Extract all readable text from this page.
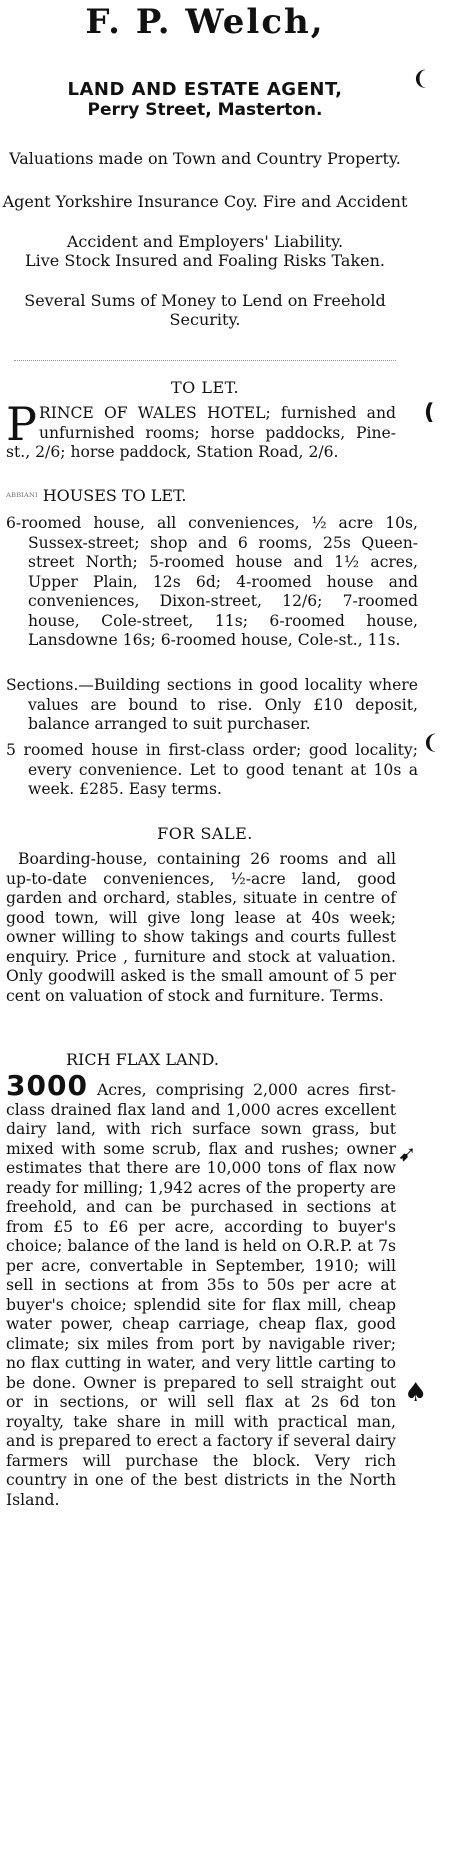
F. P. Welch,
LAND AND ESTATE AGENT,
Perry Street, Masterton.
Valuations made on Town and Country Property.
Agent Yorkshire Insurance Coy. Fire and Accident
Accident and Employers' Liability.
Live Stock Insured and Foaling Risks Taken.
Several Sums of Money to Lend on Freehold Security.
TO LET.
PRINCE OF WALES HOTEL; furnished and unfurnished rooms; horse paddocks, Pine-st., 2/6; horse paddock, Station Road, 2/6.
ᴬᴮᴮᴵᴬᴺᴵ HOUSES TO LET.
6-roomed house, all conveniences, ½ acre 10s, Sussex-street; shop and 6 rooms, 25s Queen-street North; 5-roomed house and 1½ acres, Upper Plain, 12s 6d; 4-roomed house and conveniences, Dixon-street, 12/6; 7-roomed house, Cole-street, 11s; 6-roomed house, Lansdowne 16s; 6-roomed house, Cole-st., 11s.
Sections.—Building sections in good locality where values are bound to rise. Only £10 deposit, balance arranged to suit purchaser.
5 roomed house in first-class order; good locality; every convenience. Let to good tenant at 10s a week. £285. Easy terms.
FOR SALE.
Boarding-house, containing 26 rooms and all up-to-date conveniences, ½-acre land, good garden and orchard, stables, situate in centre of good town, will give long lease at 40s week; owner willing to show takings and courts fullest enquiry. Price , furniture and stock at valuation. Only goodwill asked is the small amount of 5 per cent on valuation of stock and furniture. Terms.
RICH FLAX LAND.
3000 Acres, comprising 2,000 acres first-class drained flax land and 1,000 acres excellent dairy land, with rich surface sown grass, but mixed with some scrub, flax and rushes; owner estimates that there are 10,000 tons of flax now ready for milling; 1,942 acres of the property are freehold, and can be purchased in sections at from £5 to £6 per acre, according to buyer's choice; balance of the land is held on O.R.P. at 7s per acre, convertable in September, 1910; will sell in sections at from 35s to 50s per acre at buyer's choice; splendid site for flax mill, cheap water power, cheap carriage, cheap flax, good climate; six miles from port by navigable river; no flax cutting in water, and very little carting to be done. Owner is prepared to sell straight out or in sections, or will sell flax at 2s 6d ton royalty, take share in mill with practical man, and is prepared to erect a factory if several dairy farmers will purchase the block. Very rich country in one of the best districts in the North Island.
❨
❪
❨
➹
♠
